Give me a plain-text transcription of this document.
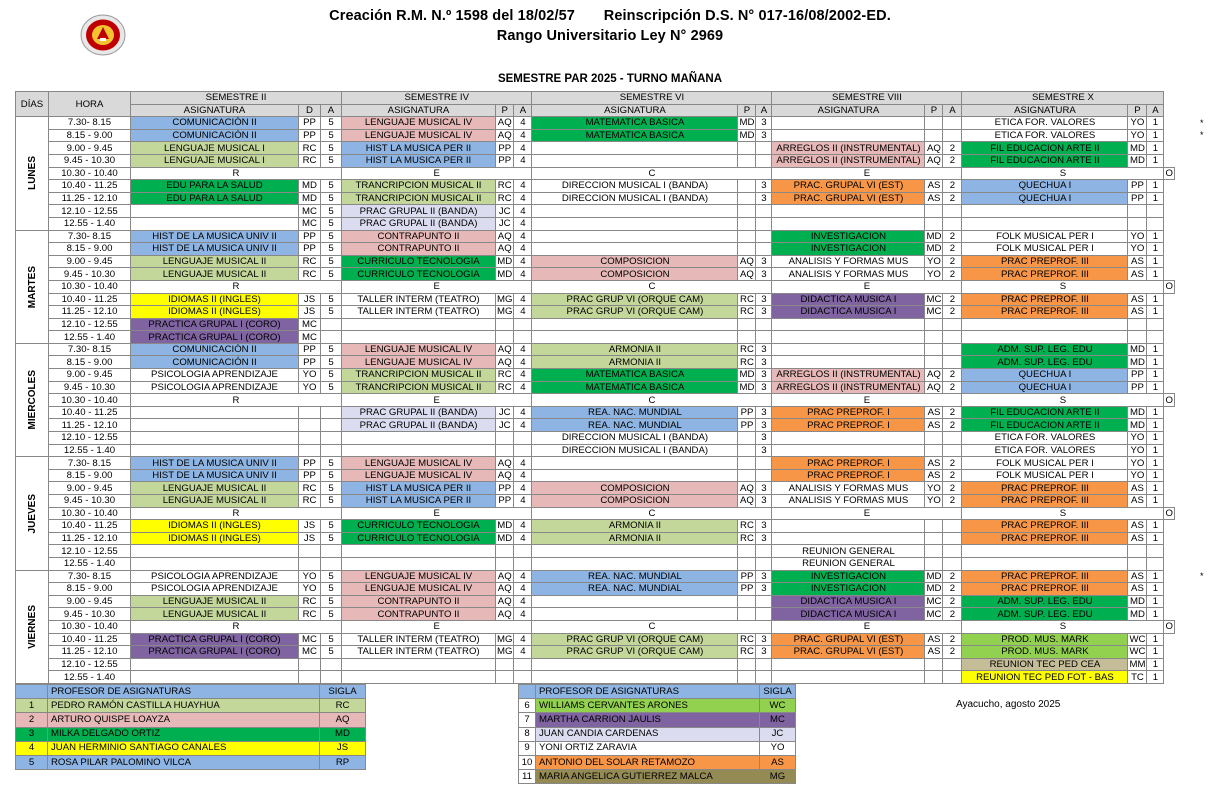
Creación R.M. N.º 1598 del 18/02/57       Reinscripción D.S. N° 017-16/08/2002-ED.
Rango Universitario Ley N° 2969
SEMESTRE PAR 2025 - TURNO MAÑANA
DÍAS	HORA	SEMESTRE II			SEMESTRE IV			SEMESTRE VI			SEMESTRE VIII			SEMESTRE X			
		ASIGNATURA	D	A	ASIGNATURA	P	A	ASIGNATURA	P	A	ASIGNATURA	P	A	ASIGNATURA	P	A	

LUNES	7.30- 8.15	COMUNICACIÓN II	PP	5	LENGUAJE MUSICAL IV	AQ	4	MATEMATICA BASICA	MD	3				ETICA FOR. VALORES	YO	1	
	8.15 - 9.00	COMUNICACIÓN II	PP	5	LENGUAJE MUSICAL IV	AQ	4	MATEMATICA BASICA	MD	3				ETICA FOR. VALORES	YO	1	
	9.00 - 9.45	LENGUAJE MUSICAL I	RC	5	HIST LA MUSICA PER II	PP	4				ARREGLOS II (INSTRUMENTAL)	AQ	2	FIL EDUCACION ARTE II	MD	1	
	9.45 - 10.30	LENGUAJE MUSICAL I	RC	5	HIST LA MUSICA PER II	PP	4				ARREGLOS II (INSTRUMENTAL)	AQ	2	FIL EDUCACION ARTE II	MD	1	
	10.30 - 10.40	R			E			C			E			S			O
	10.40 - 11.25	EDU PARA LA SALUD	MD	5	TRANCRIPCION MUSICAL II	RC	4	DIRECCION MUSICAL I (BANDA)		3	PRAC. GRUPAL VI (EST)	AS	2	QUECHUA I	PP	1	
	11.25 - 12.10	EDU PARA LA SALUD	MD	5	TRANCRIPCION MUSICAL II	RC	4	DIRECCION MUSICAL I (BANDA)		3	PRAC. GRUPAL VI (EST)	AS	2	QUECHUA I	PP	1	
	12.10 - 12.55		MC	5	PRAC GRUPAL II (BANDA)	JC	4										
	12.55 - 1.40		MC	5	PRAC GRUPAL II (BANDA)	JC	4										

MARTES	7.30- 8.15	HIST DE LA MUSICA UNIV II	PP	5	CONTRAPUNTO II	AQ	4				INVESTIGACION	MD	2	FOLK MUSICAL PER I	YO	1	
	8.15 - 9.00	HIST DE LA MUSICA UNIV II	PP	5	CONTRAPUNTO II	AQ	4				INVESTIGACION	MD	2	FOLK MUSICAL PER I	YO	1	
	9.00 - 9.45	LENGUAJE MUSICAL II	RC	5	CURRICULO TECNOLOGIA	MD	4	COMPOSICION	AQ	3	ANALISIS Y FORMAS MUS	YO	2	PRAC PREPROF. III	AS	1	
	9.45 - 10.30	LENGUAJE MUSICAL II	RC	5	CURRICULO TECNOLOGIA	MD	4	COMPOSICION	AQ	3	ANALISIS Y FORMAS MUS	YO	2	PRAC PREPROF. III	AS	1	
	10.30 - 10.40	R			E			C			E			S			O
	10.40 - 11.25	IDIOMAS II (INGLES)	JS	5	TALLER INTERM (TEATRO)	MG	4	PRAC GRUP VI (ORQUE CAM)	RC	3	DIDACTICA MUSICA I	MC	2	PRAC PREPROF. III	AS	1	
	11.25 - 12.10	IDIOMAS II (INGLES)	JS	5	TALLER INTERM (TEATRO)	MG	4	PRAC GRUP VI (ORQUE CAM)	RC	3	DIDACTICA MUSICA I	MC	2	PRAC PREPROF. III	AS	1	
	12.10 - 12.55	PRACTICA GRUPAL I (CORO)	MC														
	12.55 - 1.40	PRACTICA GRUPAL I (CORO)	MC														

MIERCOLES	7.30- 8.15	COMUNICACIÓN II	PP	5	LENGUAJE MUSICAL IV	AQ	4	ARMONIA II	RC	3				ADM. SUP. LEG. EDU	MD	1	
	8.15 - 9.00	COMUNICACIÓN II	PP	5	LENGUAJE MUSICAL IV	AQ	4	ARMONIA II	RC	3				ADM. SUP. LEG. EDU	MD	1	
	9.00 - 9.45	PSICOLOGIA APRENDIZAJE	YO	5	TRANCRIPCION MUSICAL II	RC	4	MATEMATICA BASICA	MD	3	ARREGLOS II (INSTRUMENTAL)	AQ	2	QUECHUA I	PP	1	
	9.45 - 10.30	PSICOLOGIA APRENDIZAJE	YO	5	TRANCRIPCION MUSICAL II	RC	4	MATEMATICA BASICA	MD	3	ARREGLOS II (INSTRUMENTAL)	AQ	2	QUECHUA I	PP	1	
	10.30 - 10.40	R			E			C			E			S			O
	10.40 - 11.25				PRAC GRUPAL II (BANDA)	JC	4	REA. NAC. MUNDIAL	PP	3	PRAC PREPROF. I	AS	2	FIL EDUCACION ARTE II	MD	1	
	11.25 - 12.10				PRAC GRUPAL II (BANDA)	JC	4	REA. NAC. MUNDIAL	PP	3	PRAC PREPROF. I	AS	2	FIL EDUCACION ARTE II	MD	1	
	12.10 - 12.55							DIRECCION MUSICAL I (BANDA)		3				ETICA FOR. VALORES	YO	1	
	12.55 - 1.40							DIRECCION MUSICAL I (BANDA)		3				ETICA FOR. VALORES	YO	1	

JUEVES	7.30- 8.15	HIST DE LA MUSICA UNIV II	PP	5	LENGUAJE MUSICAL IV	AQ	4				PRAC PREPROF. I	AS	2	FOLK MUSICAL PER I	YO	1	
	8.15 - 9.00	HIST DE LA MUSICA UNIV II	PP	5	LENGUAJE MUSICAL IV	AQ	4				PRAC PREPROF. I	AS	2	FOLK MUSICAL PER I	YO	1	
	9.00 - 9.45	LENGUAJE MUSICAL II	RC	5	HIST LA MUSICA PER II	PP	4	COMPOSICION	AQ	3	ANALISIS Y FORMAS MUS	YO	2	PRAC PREPROF. III	AS	1	
	9.45 - 10.30	LENGUAJE MUSICAL II	RC	5	HIST LA MUSICA PER II	PP	4	COMPOSICION	AQ	3	ANALISIS Y FORMAS MUS	YO	2	PRAC PREPROF. III	AS	1	
	10.30 - 10.40	R			E			C			E			S			O
	10.40 - 11.25	IDIOMAS II (INGLES)	JS	5	CURRICULO TECNOLOGIA	MD	4	ARMONIA II	RC	3				PRAC PREPROF. III	AS	1	
	11.25 - 12.10	IDIOMAS II (INGLES)	JS	5	CURRICULO TECNOLOGIA	MD	4	ARMONIA II	RC	3				PRAC PREPROF. III	AS	1	
	12.10 - 12.55										REUNION GENERAL						
	12.55 - 1.40										REUNION GENERAL						

VIERNES	7.30- 8.15	PSICOLOGIA APRENDIZAJE	YO	5	LENGUAJE MUSICAL IV	AQ	4	REA. NAC. MUNDIAL	PP	3	INVESTIGACION	MD	2	PRAC PREPROF. III	AS	1	
	8.15 - 9.00	PSICOLOGIA APRENDIZAJE	YO	5	LENGUAJE MUSICAL IV	AQ	4	REA. NAC. MUNDIAL	PP	3	INVESTIGACION	MD	2	PRAC PREPROF. III	AS	1	
	9.00 - 9.45	LENGUAJE MUSICAL II	RC	5	CONTRAPUNTO II	AQ	4				DIDACTICA MUSICA I	MC	2	ADM. SUP. LEG. EDU	MD	1	
	9.45 - 10.30	LENGUAJE MUSICAL II	RC	5	CONTRAPUNTO II	AQ	4				DIDACTICA MUSICA I	MC	2	ADM. SUP. LEG. EDU	MD	1	
	10.30 - 10.40	R			E			C			E			S			O
	10.40 - 11.25	PRACTICA GRUPAL I (CORO)	MC	5	TALLER INTERM (TEATRO)	MG	4	PRAC GRUP VI (ORQUE CAM)	RC	3	PRAC. GRUPAL VI (EST)	AS	2	PROD. MUS. MARK	WC	1	
	11.25 - 12.10	PRACTICA GRUPAL I (CORO)	MC	5	TALLER INTERM (TEATRO)	MG	4	PRAC GRUP VI (ORQUE CAM)	RC	3	PRAC. GRUPAL VI (EST)	AS	2	PROD. MUS. MARK	WC	1	
	12.10 - 12.55													REUNION TEC PED CEA	MM	1	
	12.55 - 1.40													REUNION TEC PED FOT - BAS	TC	1	
	PROFESOR DE ASIGNATURAS	SIGLA
1	PEDRO RAMÓN CASTILLA HUAYHUA	RC
2	ARTURO QUISPE LOAYZA	AQ
3	MILKA DELGADO ORTIZ	MD
4	JUAN HERMINIO SANTIAGO CANALES	JS
5	ROSA PILAR PALOMINO VILCA	RP
	PROFESOR DE ASIGNATURAS	SIGLA
6	WILLIAMS CERVANTES ARONES	WC
7	MARTHA CARRION JAULIS	MC
8	JUAN CANDIA CARDENAS	JC
9	YONI ORTIZ ZARAVIA	YO
10	ANTONIO DEL SOLAR RETAMOZO	AS
11	MARIA ANGELICA GUTIERREZ MALCA	MG
Ayacucho, agosto 2025
*
*
*
